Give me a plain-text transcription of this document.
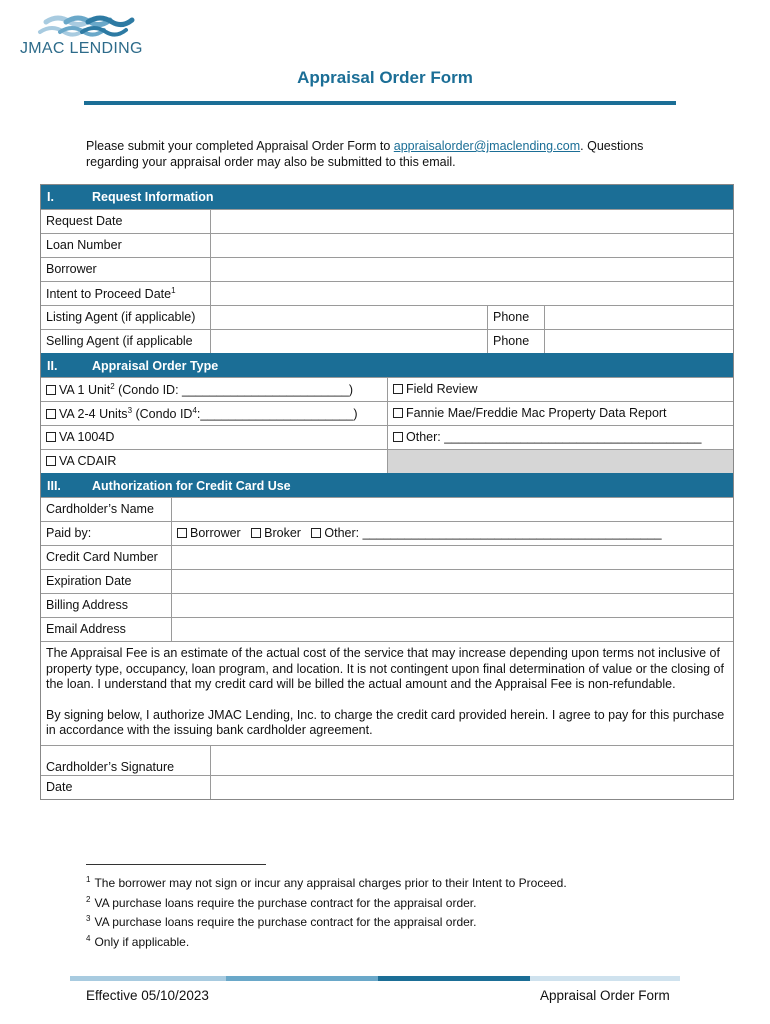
JMAC LENDING
Appraisal Order Form
Please submit your completed Appraisal Order Form to appraisalorder@jmaclending.com. Questions regarding your appraisal order may also be submitted to this email.
I.	Request Information
Request Date
Loan Number
Borrower
Intent to Proceed Date$^1$
Listing Agent (if applicable)	Phone
Selling Agent (if applicable	Phone
II.	Appraisal Order Type
VA 1 Unit$^2$ (Condo ID: ________________________)	Field Review
VA 2-4 Units$^3$ (Condo $ID^4:\_\_\_\_\_\_\_\_\_\_\_\_\_\_\_\_\_\_\_\_\_\_$)	Fannie Mae/Freddie Mac Property Data Report
VA 1004D	Other: _____________________________________
VA CDAIR
III. Authorization for Credit Card Use
Cardholder’s Name
Paid by:	Borrower Broker Other: ___________________________________________
Credit Card Number
Expiration Date
Billing Address
Email Address

The Appraisal Fee is an estimate of the actual cost of the service that may increase depending upon terms not inclusive of property type, occupancy, loan program, and location. It is not contingent upon final determination of value or the closing of the loan. I understand that my credit card will be billed the actual amount and the Appraisal Fee is non-refundable.

By signing below, I authorize JMAC Lending, Inc. to charge the credit card provided herein. I agree to pay for this purchase in accordance with the issuing bank cardholder agreement.

Cardholder’s Signature
Date
$^1$ The borrower may not sign or incur any appraisal charges prior to their Intent to Proceed.
$^2$ VA purchase loans require the purchase contract for the appraisal order.
$^3$ VA purchase loans require the purchase contract for the appraisal order.
$^4$ Only if applicable.
Effective 05/10/2023	Appraisal Order Form
